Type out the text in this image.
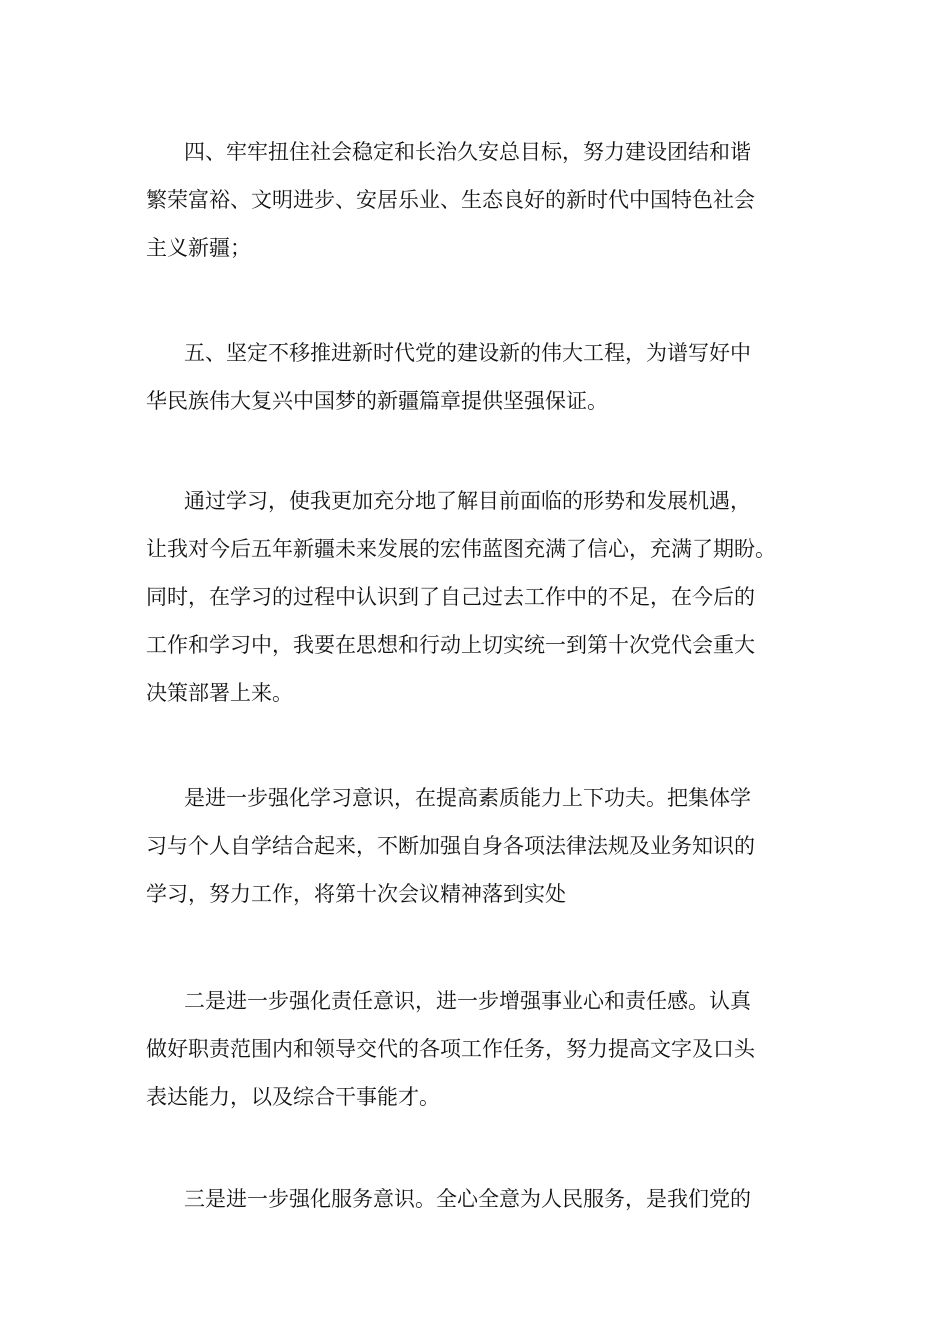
四、牢牢扭住社会稳定和长治久安总目标，努力建设团结和谐
繁荣富裕、文明进步、安居乐业、生态良好的新时代中国特色社会
主义新疆；
五、坚定不移推进新时代党的建设新的伟大工程，为谱写好中
华民族伟大复兴中国梦的新疆篇章提供坚强保证。
通过学习，使我更加充分地了解目前面临的形势和发展机遇，
让我对今后五年新疆未来发展的宏伟蓝图充满了信心，充满了期盼。
同时，在学习的过程中认识到了自己过去工作中的不足，在今后的
工作和学习中，我要在思想和行动上切实统一到第十次党代会重大
决策部署上来。
是进一步强化学习意识，在提高素质能力上下功夫。把集体学
习与个人自学结合起来，不断加强自身各项法律法规及业务知识的
学习，努力工作，将第十次会议精神落到实处
二是进一步强化责任意识，进一步增强事业心和责任感。认真
做好职责范围内和领导交代的各项工作任务，努力提高文字及口头
表达能力，以及综合干事能才。
三是进一步强化服务意识。全心全意为人民服务，是我们党的
